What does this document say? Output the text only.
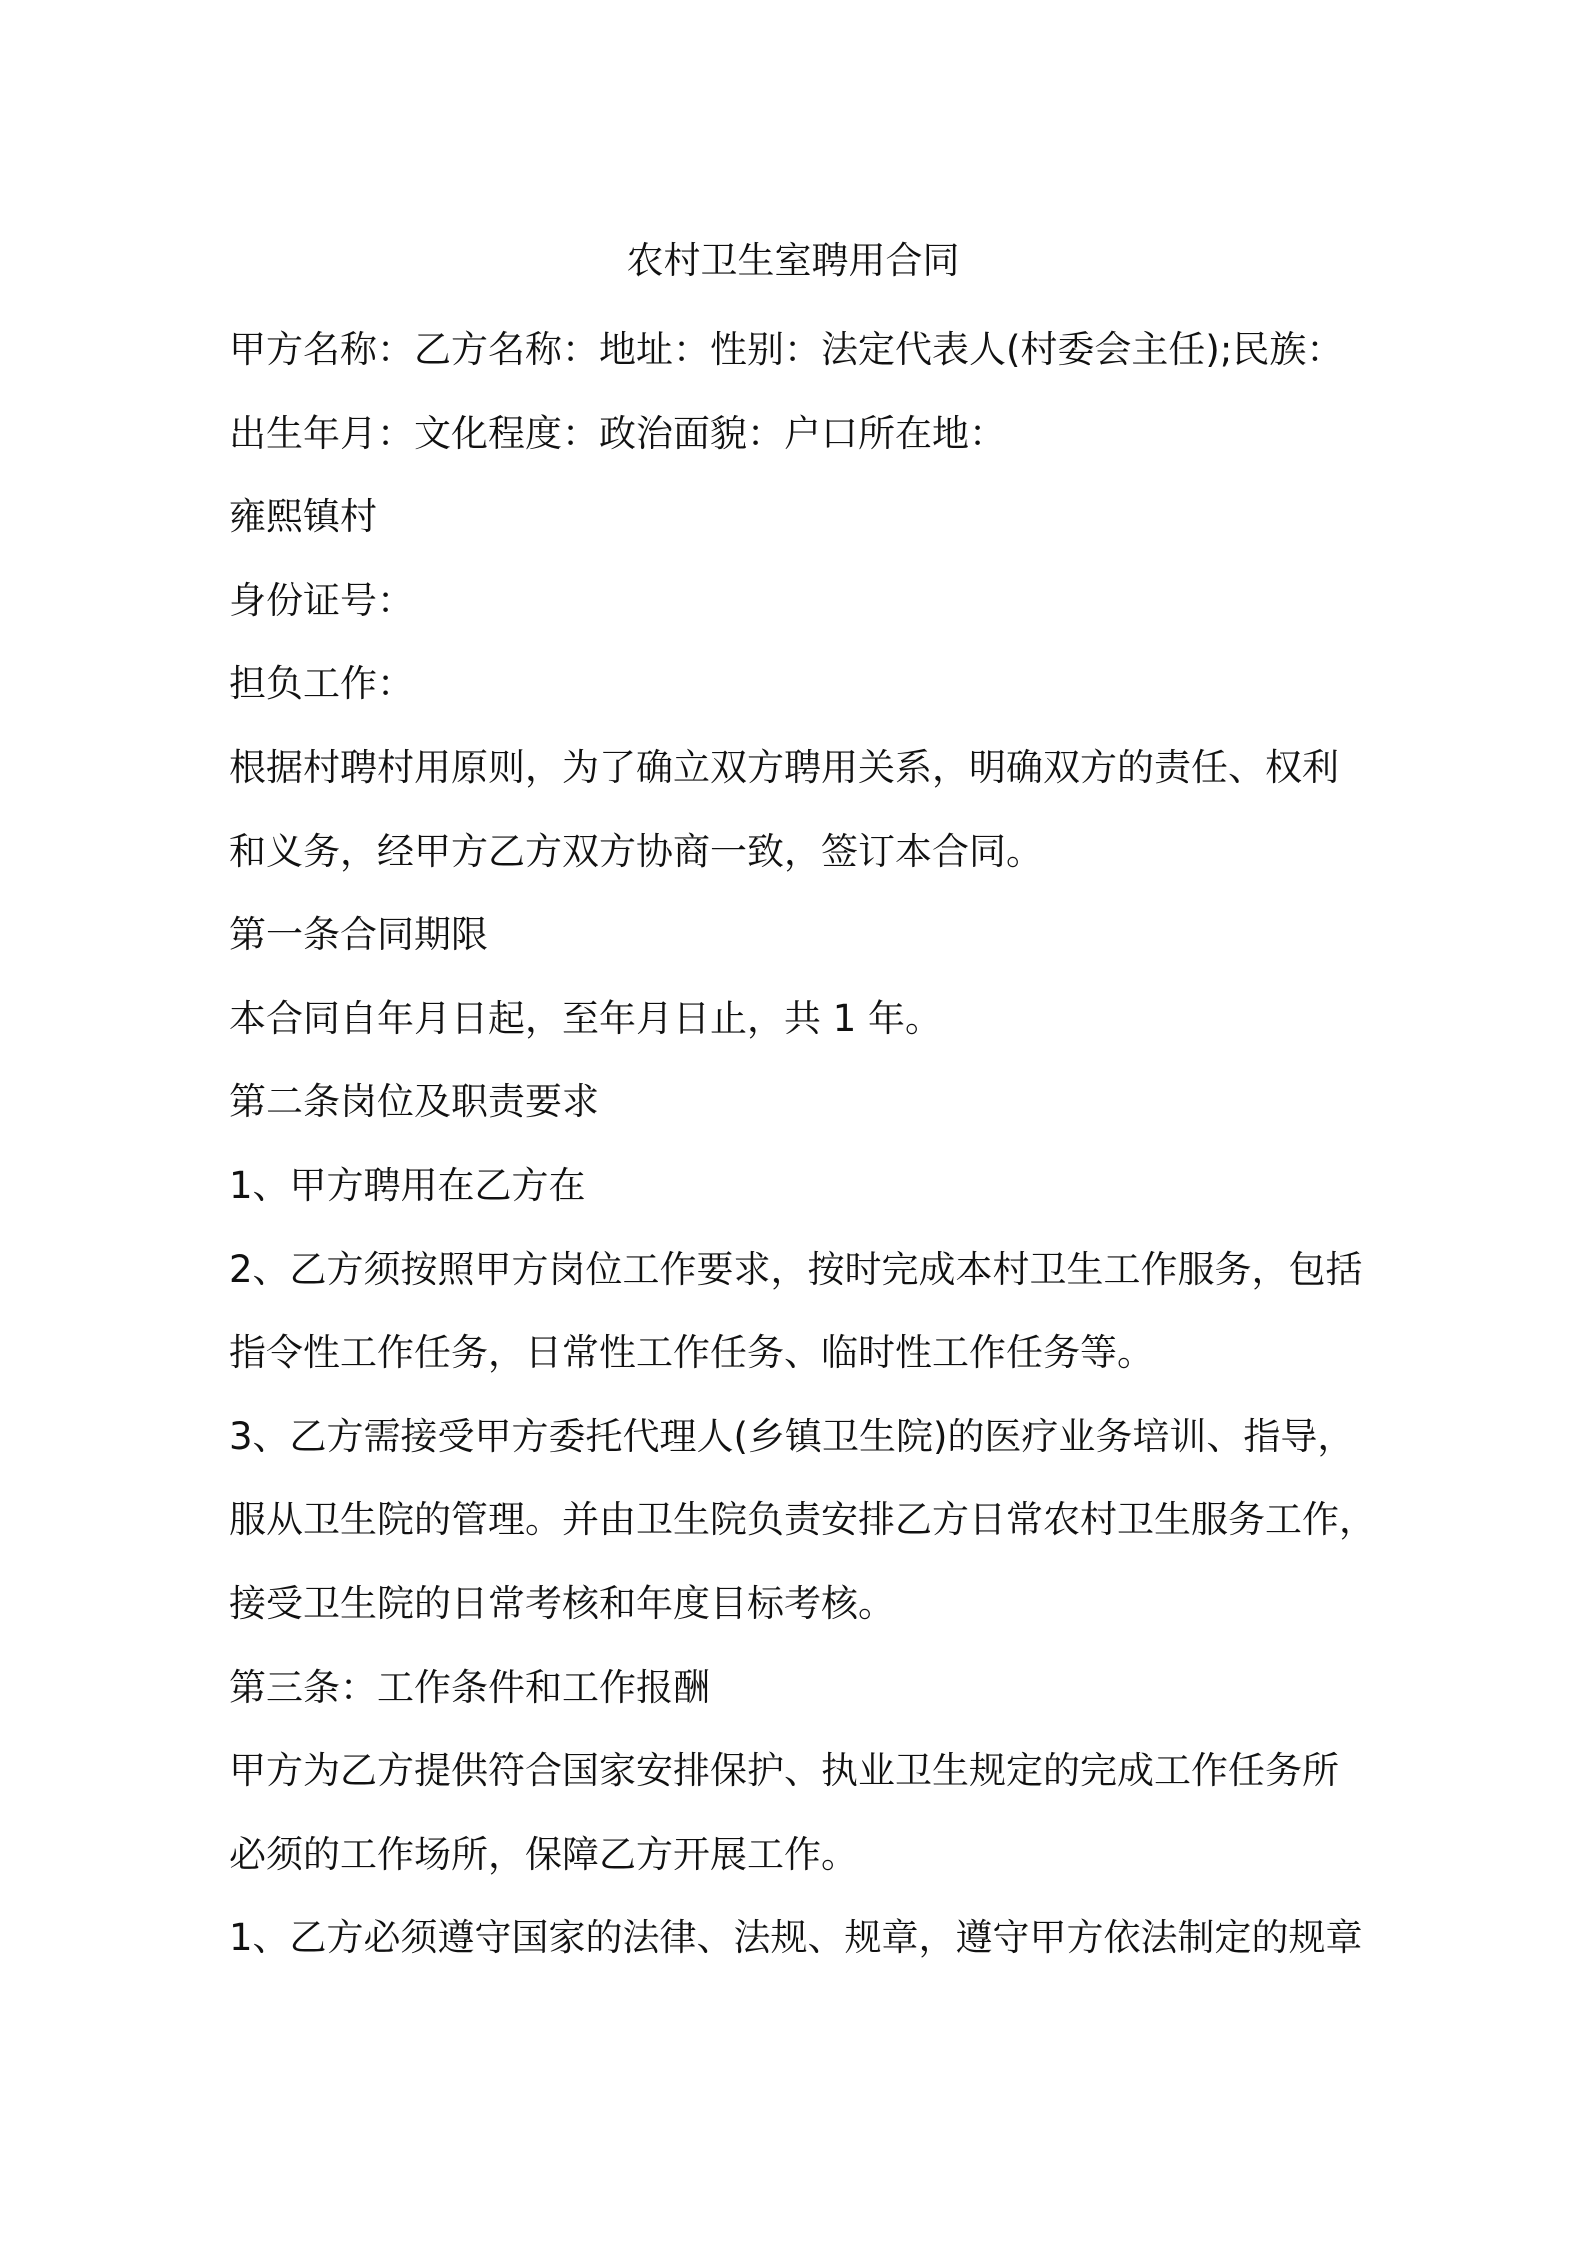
农村卫生室聘用合同

甲方名称：乙方名称：地址：性别：法定代表人(村委会主任);民族：

出生年月：文化程度：政治面貌：户口所在地：

雍熙镇村

身份证号：

担负工作：

根据村聘村用原则，为了确立双方聘用关系，明确双方的责任、权利

和义务，经甲方乙方双方协商一致，签订本合同。

第一条合同期限

本合同自年月日起，至年月日止，共 1 年。

第二条岗位及职责要求

1、甲方聘用在乙方在

2、乙方须按照甲方岗位工作要求，按时完成本村卫生工作服务，包括

指令性工作任务，日常性工作任务、临时性工作任务等。

3、乙方需接受甲方委托代理人(乡镇卫生院)的医疗业务培训、指导，

服从卫生院的管理。并由卫生院负责安排乙方日常农村卫生服务工作，

接受卫生院的日常考核和年度目标考核。

第三条：工作条件和工作报酬

甲方为乙方提供符合国家安排保护、执业卫生规定的完成工作任务所

必须的工作场所，保障乙方开展工作。

1、乙方必须遵守国家的法律、法规、规章，遵守甲方依法制定的规章
